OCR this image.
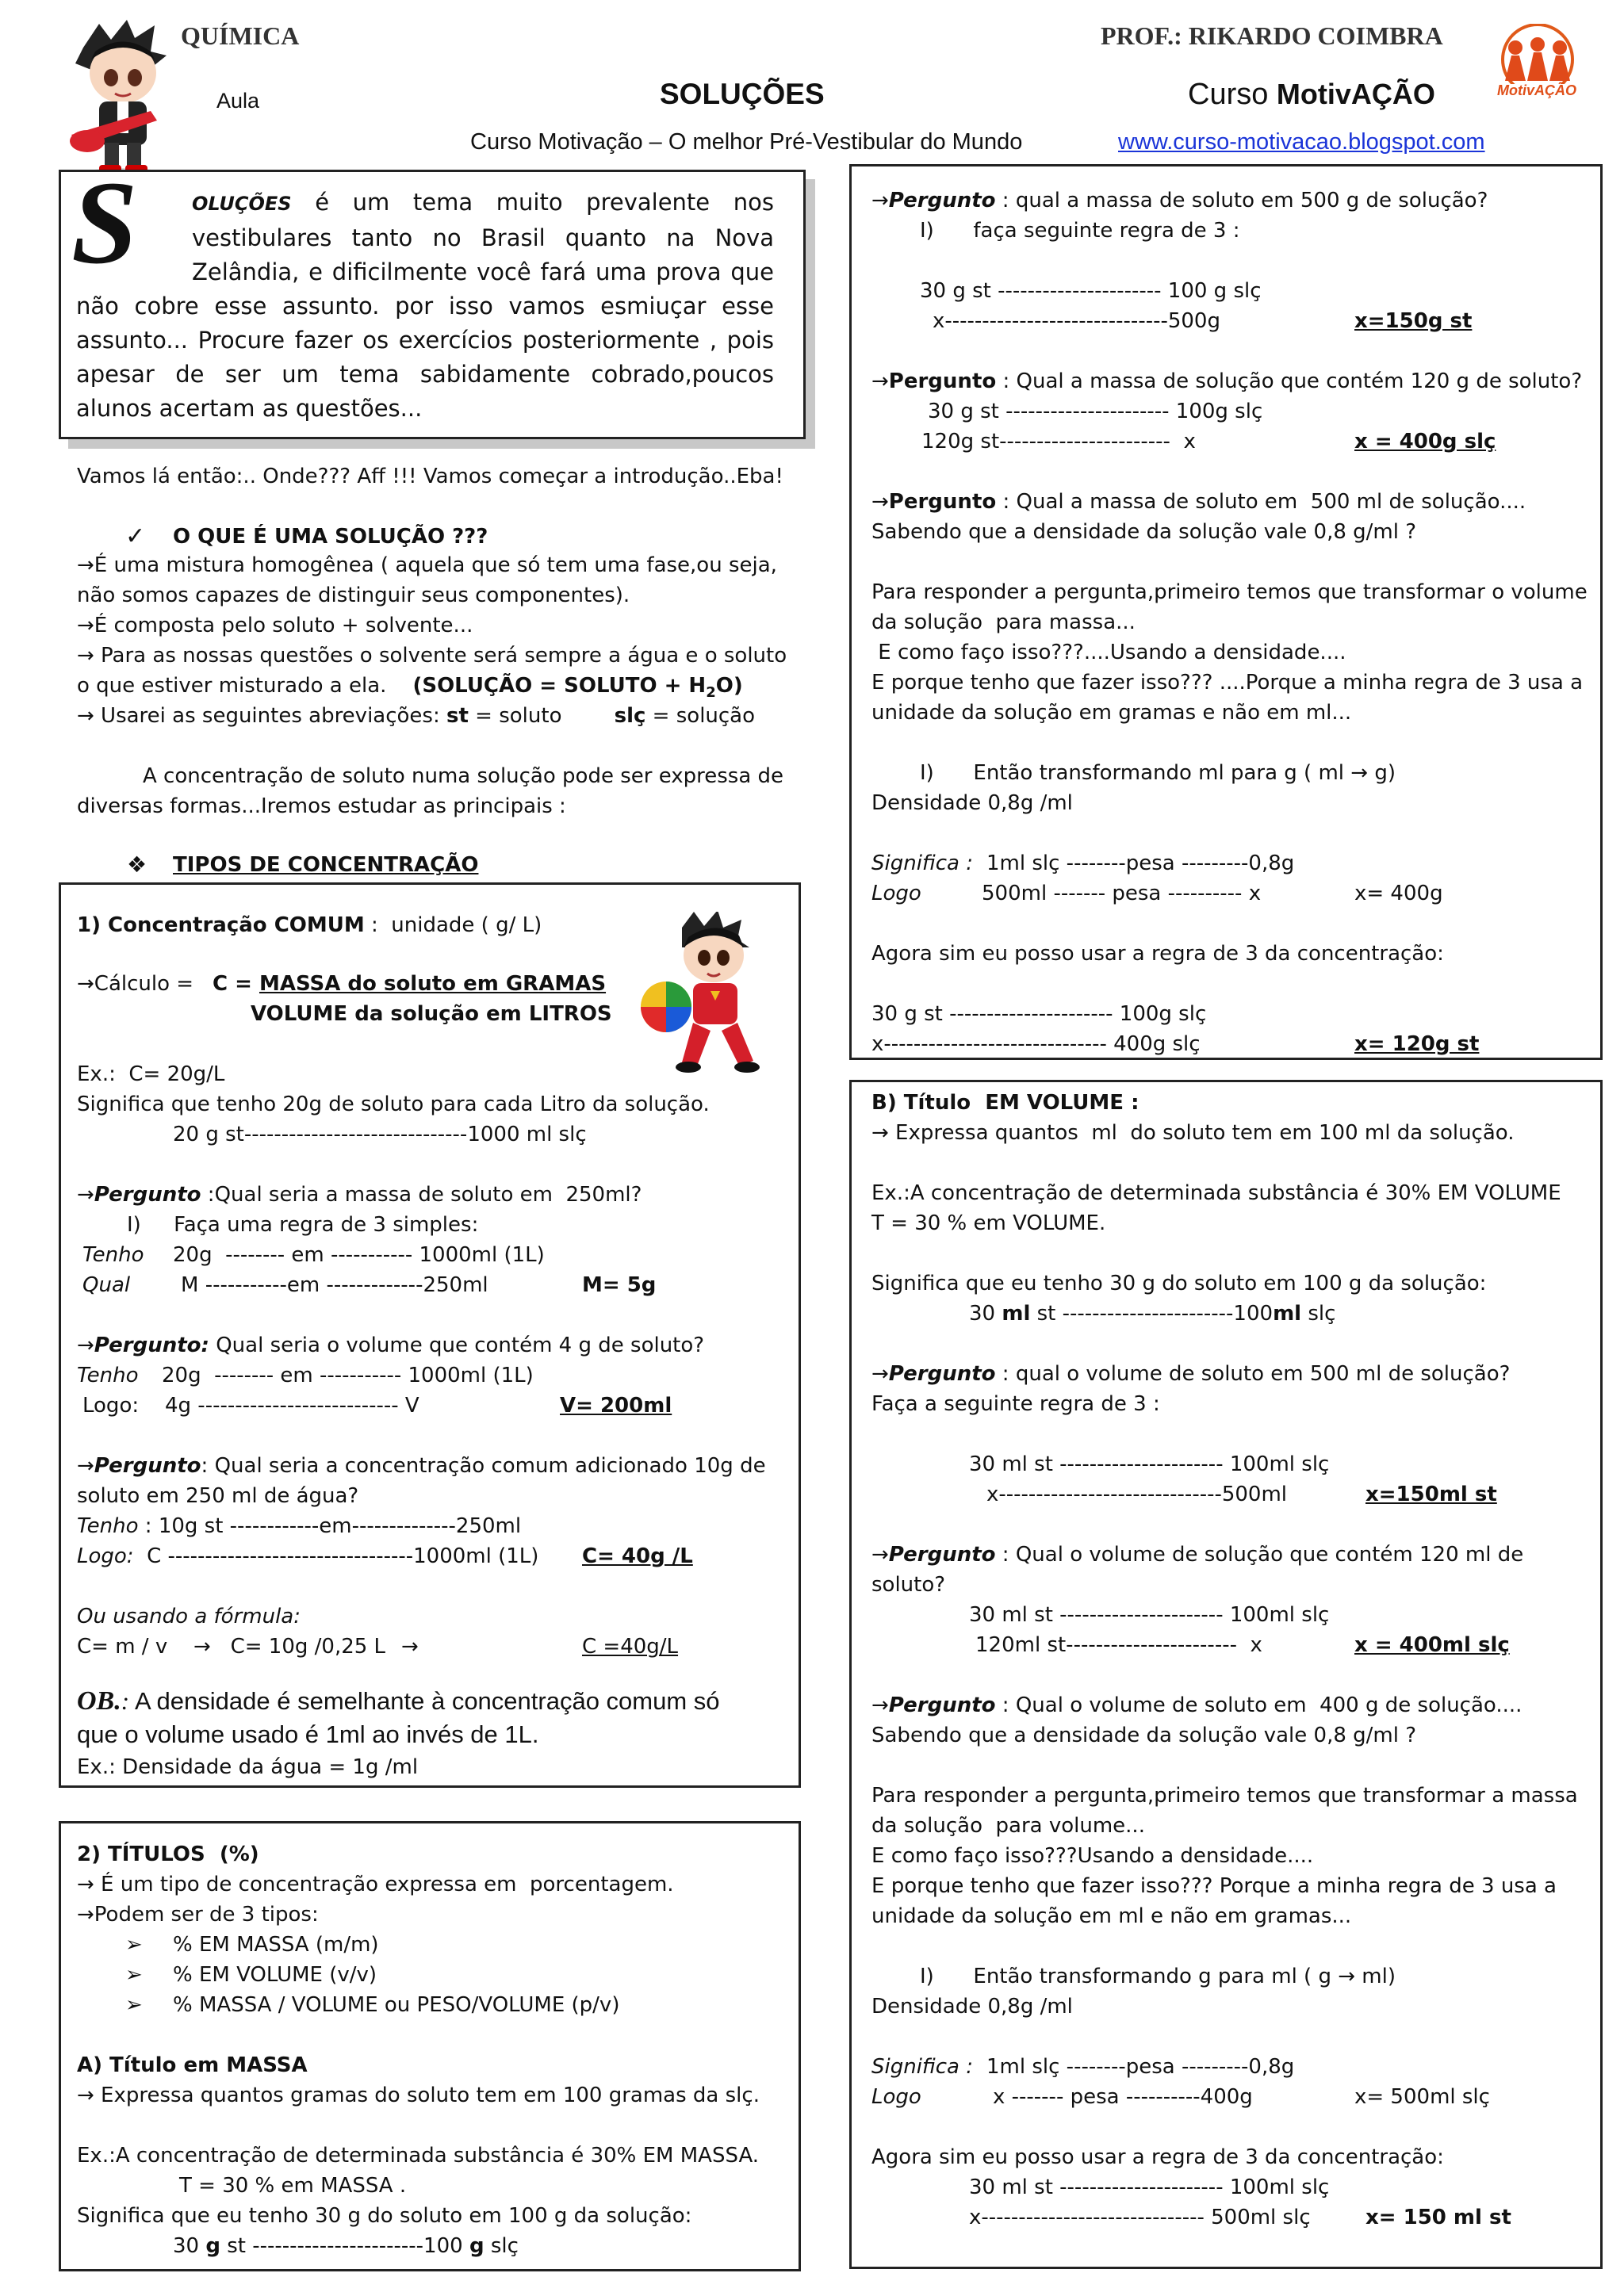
QUÍMICA	PROF.: RIKARDO COIMBRA
MotivAÇÃO
Aula	SOLUÇÕES	Curso MotivAÇÃO
Curso Motivação – O melhor Pré-Vestibular do Mundo	www.curso-motivacao.blogspot.com
S	OLUÇÕES é um tema muito prevalente nos vestibulares tanto no Brasil quanto na Nova Zelândia, e dificilmente você fará uma prova que não cobre esse assunto. por isso vamos esmiuçar esse assunto... Procure fazer os exercícios posteriormente , pois apesar de ser um tema sabidamente cobrado,poucos alunos acertam as questões...
Vamos lá então:.. Onde??? Aff !!! Vamos começar a introdução..Eba!
✓ O QUE É UMA SOLUÇÃO ???
→É uma mistura homogênea ( aquela que só tem uma fase,ou seja,
não somos capazes de distinguir seus componentes).
→É composta pelo soluto + solvente...
→ Para as nossas questões o solvente será sempre a água e o soluto
o que estiver misturado a ela. (SOLUÇÃO = SOLUTO + $H_2O$)
→ Usarei as seguintes abreviações: st = soluto	slç = solução
A concentração de soluto numa solução pode ser expressa de
diversas formas...Iremos estudar as principais :
❖ TIPOS DE CONCENTRAÇÃO
1) Concentração COMUM :  unidade ( g/ L)
→Cálculo = C = MASSA do soluto em GRAMAS
VOLUME da solução em LITROS
Ex.:  C= 20g/L
Significa que tenho 20g de soluto para cada Litro da solução.
20 g st------------------------------1000 ml slç
→Pergunto :Qual seria a massa de soluto em  250ml?
I)     Faça uma regra de 3 simples:
Tenho 20g  -------- em ----------- 1000ml (1L)
Qual M -----------em -------------250ml	M= 5g
→Pergunto: Qual seria o volume que contém 4 g de soluto?
Tenho 20g  -------- em ----------- 1000ml (1L)
Logo: 4g --------------------------- V	V= 200ml
→Pergunto: Qual seria a concentração comum adicionado 10g de
soluto em 250 ml de água?
Tenho : 10g st ------------em--------------250ml
Logo:  C ---------------------------------1000ml (1L) C= 40g /L
Ou usando a fórmula:
C= m / v →   C= 10g /0,25 L →	C =40g/L
OB.: A densidade é semelhante à concentração comum só
que o volume usado é 1ml ao invés de 1L.
Ex.: Densidade da água = 1g /ml
2) TÍTULOS  (%)
→ É um tipo de concentração expressa em  porcentagem.
→Podem ser de 3 tipos:
➢ % EM MASSA (m/m)
➢ % EM VOLUME (v/v)
➢ % MASSA / VOLUME ou PESO/VOLUME (p/v)
A) Título em MASSA
→ Expressa quantos gramas do soluto tem em 100 gramas da slç.
Ex.:A concentração de determinada substância é 30% EM MASSA.
T = 30 % em MASSA .
Significa que eu tenho 30 g do soluto em 100 g da solução:
30 g st -----------------------100 g slç
→Pergunto : qual a massa de soluto em 500 g de solução?
I)      faça seguinte regra de 3 :
30 g st ---------------------- 100 g slç
x------------------------------500g	x=150g st
→Pergunto : Qual a massa de solução que contém 120 g de soluto?
30 g st ---------------------- 100g slç
120g st-----------------------  x	x = 400g slç
→Pergunto : Qual a massa de soluto em  500 ml de solução....
Sabendo que a densidade da solução vale 0,8 g/ml ?
Para responder a pergunta,primeiro temos que transformar o volume
da solução  para massa...
E como faço isso???....Usando a densidade....
E porque tenho que fazer isso??? ....Porque a minha regra de 3 usa a
unidade da solução em gramas e não em ml...
I)      Então transformando ml para g ( ml → g)
Densidade 0,8g /ml
Significa : 1ml slç --------pesa ---------0,8g
Logo	500ml ------- pesa ---------- x	x= 400g
Agora sim eu posso usar a regra de 3 da concentração:
30 g st ---------------------- 100g slç
x------------------------------ 400g slç	x= 120g st
B) Título  EM VOLUME :
→ Expressa quantos  ml  do soluto tem em 100 ml da solução.
Ex.:A concentração de determinada substância é 30% EM VOLUME
T = 30 % em VOLUME.
Significa que eu tenho 30 g do soluto em 100 g da solução:
30 ml st -----------------------100ml slç
→Pergunto : qual o volume de soluto em 500 ml de solução?
Faça a seguinte regra de 3 :
30 ml st ---------------------- 100ml slç
x------------------------------500ml	x=150ml st
→Pergunto : Qual o volume de solução que contém 120 ml de
soluto?
30 ml st ---------------------- 100ml slç
120ml st-----------------------  x	x = 400ml slç
→Pergunto : Qual o volume de soluto em  400 g de solução....
Sabendo que a densidade da solução vale 0,8 g/ml ?
Para responder a pergunta,primeiro temos que transformar a massa
da solução  para volume...
E como faço isso???Usando a densidade....
E porque tenho que fazer isso??? Porque a minha regra de 3 usa a
unidade da solução em ml e não em gramas...
I)      Então transformando g para ml ( g → ml)
Densidade 0,8g /ml
Significa : 1ml slç --------pesa ---------0,8g
Logo	x ------- pesa ----------400g	x= 500ml slç
Agora sim eu posso usar a regra de 3 da concentração:
30 ml st ---------------------- 100ml slç
x------------------------------ 500ml slç	x= 150 ml st
